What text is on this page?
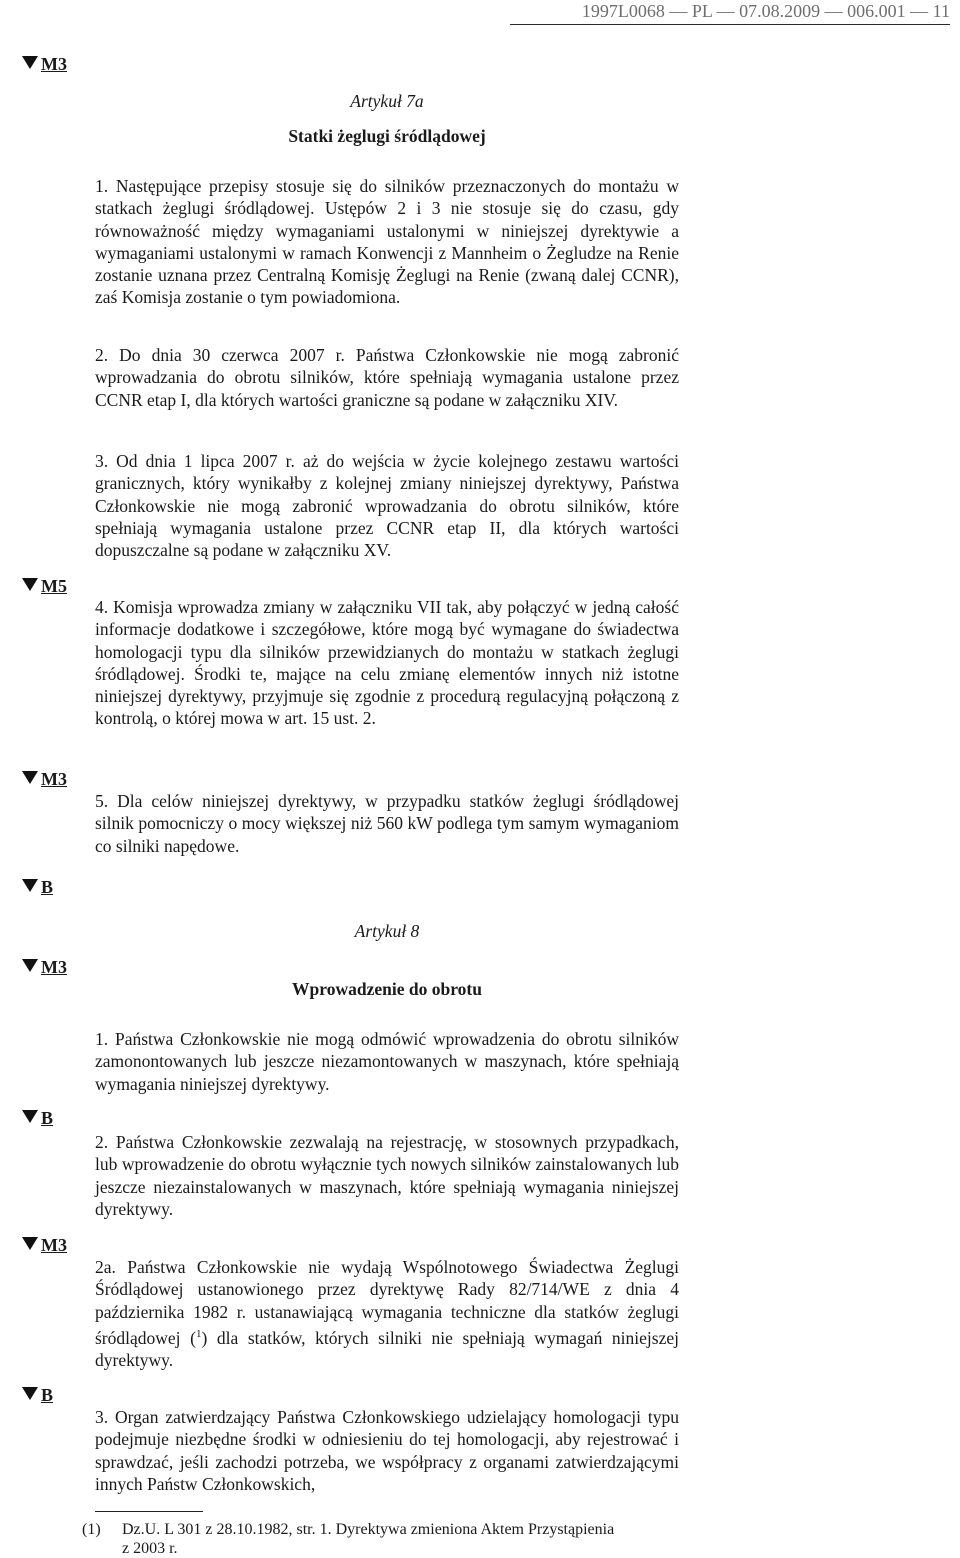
1997L0068 — PL — 07.08.2009 — 006.001 — 11
M3
M5
M3
B
M3
B
M3
B
Artykuł 7a
Statki żeglugi śródlądowej
1. Następujące przepisy stosuje się do silników przeznaczonych do montażu w statkach żeglugi śródlądowej. Ustępów 2 i 3 nie stosuje się do czasu, gdy równoważność między wymaganiami ustalonymi w niniejszej dyrektywie a wymaganiami ustalonymi w ramach Konwencji z Mannheim o Żegludze na Renie zostanie uznana przez Centralną Komisję Żeglugi na Renie (zwaną dalej CCNR), zaś Komisja zostanie o tym powiadomiona.
2. Do dnia 30 czerwca 2007 r. Państwa Członkowskie nie mogą zabronić wprowadzania do obrotu silników, które spełniają wymagania ustalone przez CCNR etap I, dla których wartości graniczne są podane w załączniku XIV.
3. Od dnia 1 lipca 2007 r. aż do wejścia w życie kolejnego zestawu wartości granicznych, który wynikałby z kolejnej zmiany niniejszej dyrektywy, Państwa Członkowskie nie mogą zabronić wprowadzania do obrotu silników, które spełniają wymagania ustalone przez CCNR etap II, dla których wartości dopuszczalne są podane w załączniku XV.
4. Komisja wprowadza zmiany w załączniku VII tak, aby połączyć w jedną całość informacje dodatkowe i szczegółowe, które mogą być wymagane do świadectwa homologacji typu dla silników przewidzianych do montażu w statkach żeglugi śródlądowej. Środki te, mające na celu zmianę elementów innych niż istotne niniejszej dyrektywy, przyjmuje się zgodnie z procedurą regulacyjną połączoną z kontrolą, o której mowa w art. 15 ust. 2.
5. Dla celów niniejszej dyrektywy, w przypadku statków żeglugi śródlądowej silnik pomocniczy o mocy większej niż 560 kW podlega tym samym wymaganiom co silniki napędowe.
Artykuł 8
Wprowadzenie do obrotu
1. Państwa Członkowskie nie mogą odmówić wprowadzenia do obrotu silników zamonontowanych lub jeszcze niezamontowanych w maszynach, które spełniają wymagania niniejszej dyrektywy.
2. Państwa Członkowskie zezwalają na rejestrację, w stosownych przypadkach, lub wprowadzenie do obrotu wyłącznie tych nowych silników zainstalowanych lub jeszcze niezainstalowanych w maszynach, które spełniają wymagania niniejszej dyrektywy.
2a. Państwa Członkowskie nie wydają Wspólnotowego Świadectwa Żeglugi Śródlądowej ustanowionego przez dyrektywę Rady 82/714/WE z dnia 4 października 1982 r. ustanawiającą wymagania techniczne dla statków żeglugi śródlądowej ($^1$) dla statków, których silniki nie spełniają wymagań niniejszej dyrektywy.
3. Organ zatwierdzający Państwa Członkowskiego udzielający homologacji typu podejmuje niezbędne środki w odniesieniu do tej homologacji, aby rejestrować i sprawdzać, jeśli zachodzi potrzeba, we współpracy z organami zatwierdzającymi innych Państw Członkowskich,
(1) Dz.U. L 301 z 28.10.1982, str. 1. Dyrektywa zmieniona Aktem Przystąpienia
z 2003 r.
